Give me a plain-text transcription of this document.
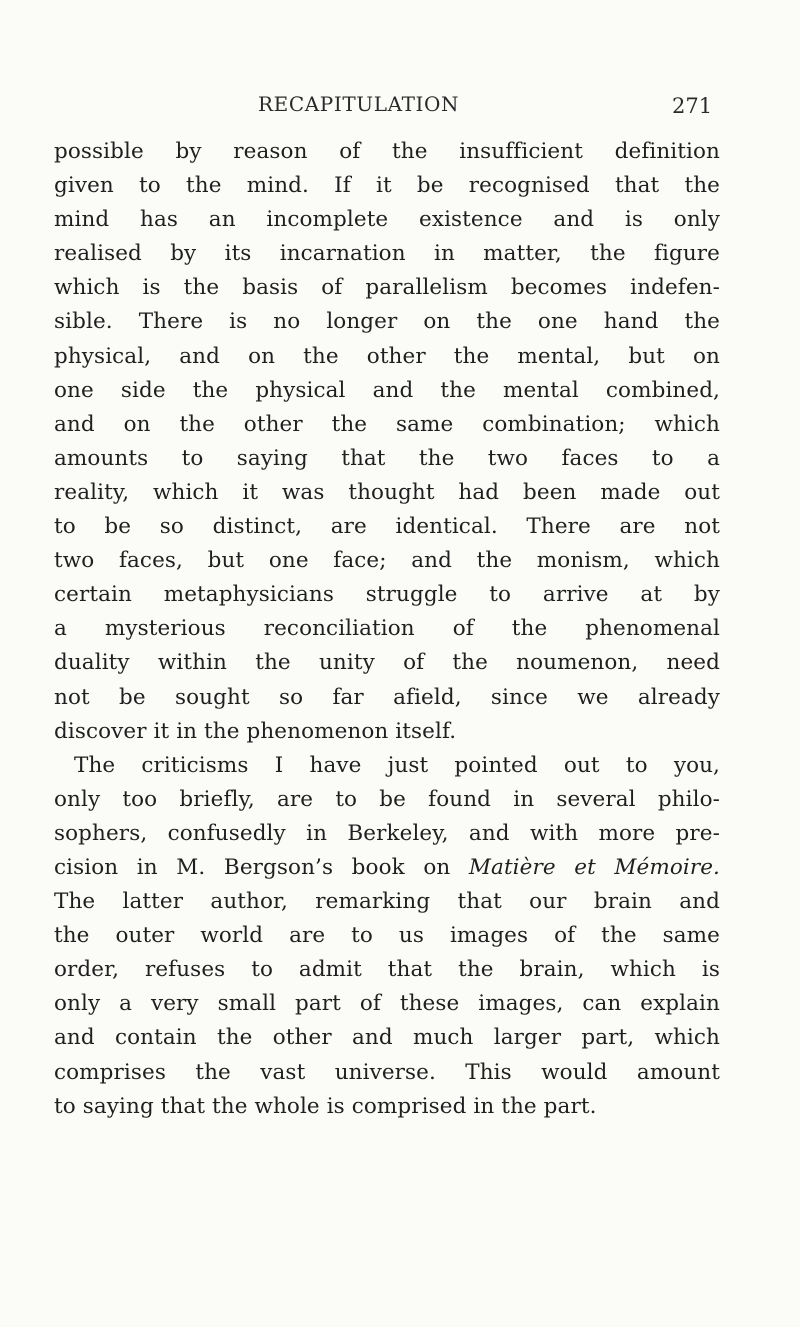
RECAPITULATION	271
possible by reason of the insufficient definition
given to the mind. If it be recognised that the
mind has an incomplete existence and is only
realised by its incarnation in matter, the figure
which is the basis of parallelism becomes indefen-
sible. There is no longer on the one hand the
physical, and on the other the mental, but on
one side the physical and the mental combined,
and on the other the same combination; which
amounts to saying that the two faces to a
reality, which it was thought had been made out
to be so distinct, are identical. There are not
two faces, but one face; and the monism, which
certain metaphysicians struggle to arrive at by
a mysterious reconciliation of the phenomenal
duality within the unity of the noumenon, need
not be sought so far afield, since we already
discover it in the phenomenon itself.
The criticisms I have just pointed out to you,
only too briefly, are to be found in several philo-
sophers, confusedly in Berkeley, and with more pre-
cision in M. Bergson’s book on Matière et Mémoire.
The latter author, remarking that our brain and
the outer world are to us images of the same
order, refuses to admit that the brain, which is
only a very small part of these images, can explain
and contain the other and much larger part, which
comprises the vast universe. This would amount
to saying that the whole is comprised in the part.
